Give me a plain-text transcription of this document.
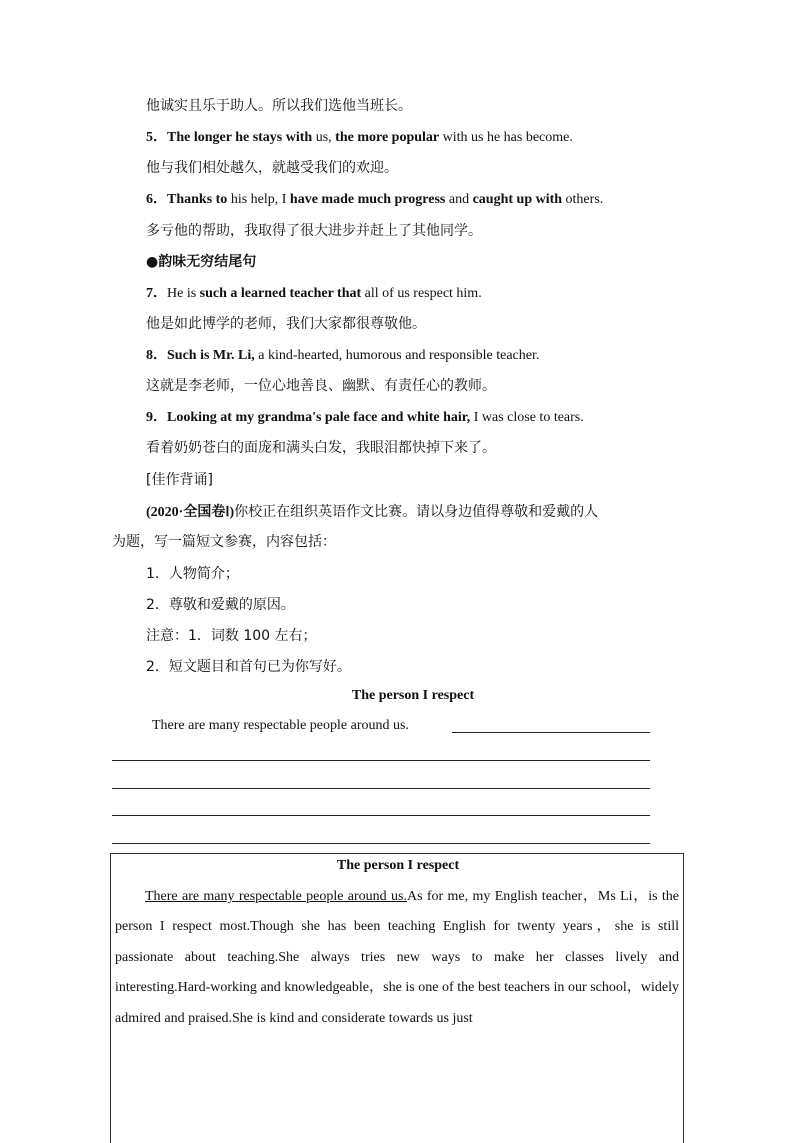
他诚实且乐于助人。所以我们选他当班长。
5．The longer he stays with us, the more popular with us he has become.
他与我们相处越久，就越受我们的欢迎。
6．Thanks to his help, I have made much progress and caught up with others.
多亏他的帮助，我取得了很大进步并赶上了其他同学。
●韵味无穷结尾句
7．He is such a learned teacher that all of us respect him.
他是如此博学的老师，我们大家都很尊敬他。
8．Such is Mr. Li, a kind-hearted, humorous and responsible teacher.
这就是李老师，一位心地善良、幽默、有责任心的教师。
9．Looking at my grandma's pale face and white hair, I was close to tears.
看着奶奶苍白的面庞和满头白发，我眼泪都快掉下来了。
[佳作背诵]
(2020·全国卷Ⅰ)你校正在组织英语作文比赛。请以身边值得尊敬和爱戴的人
为题，写一篇短文参赛，内容包括：
1．人物简介；
2．尊敬和爱戴的原因。
注意：1．词数 100 左右；
2．短文题目和首句已为你写好。
The person I respect
There are many respectable people around us.
The person I respect
There are many respectable people around us.As for me, my English teacher，Ms Li，is the person I respect most.Though she has been teaching English for twenty years，she is still passionate about teaching.She always tries new ways to make her classes lively and interesting.Hard-working and knowledgeable，she is one of the best teachers in our school，widely admired and praised.She is kind and considerate towards us just
